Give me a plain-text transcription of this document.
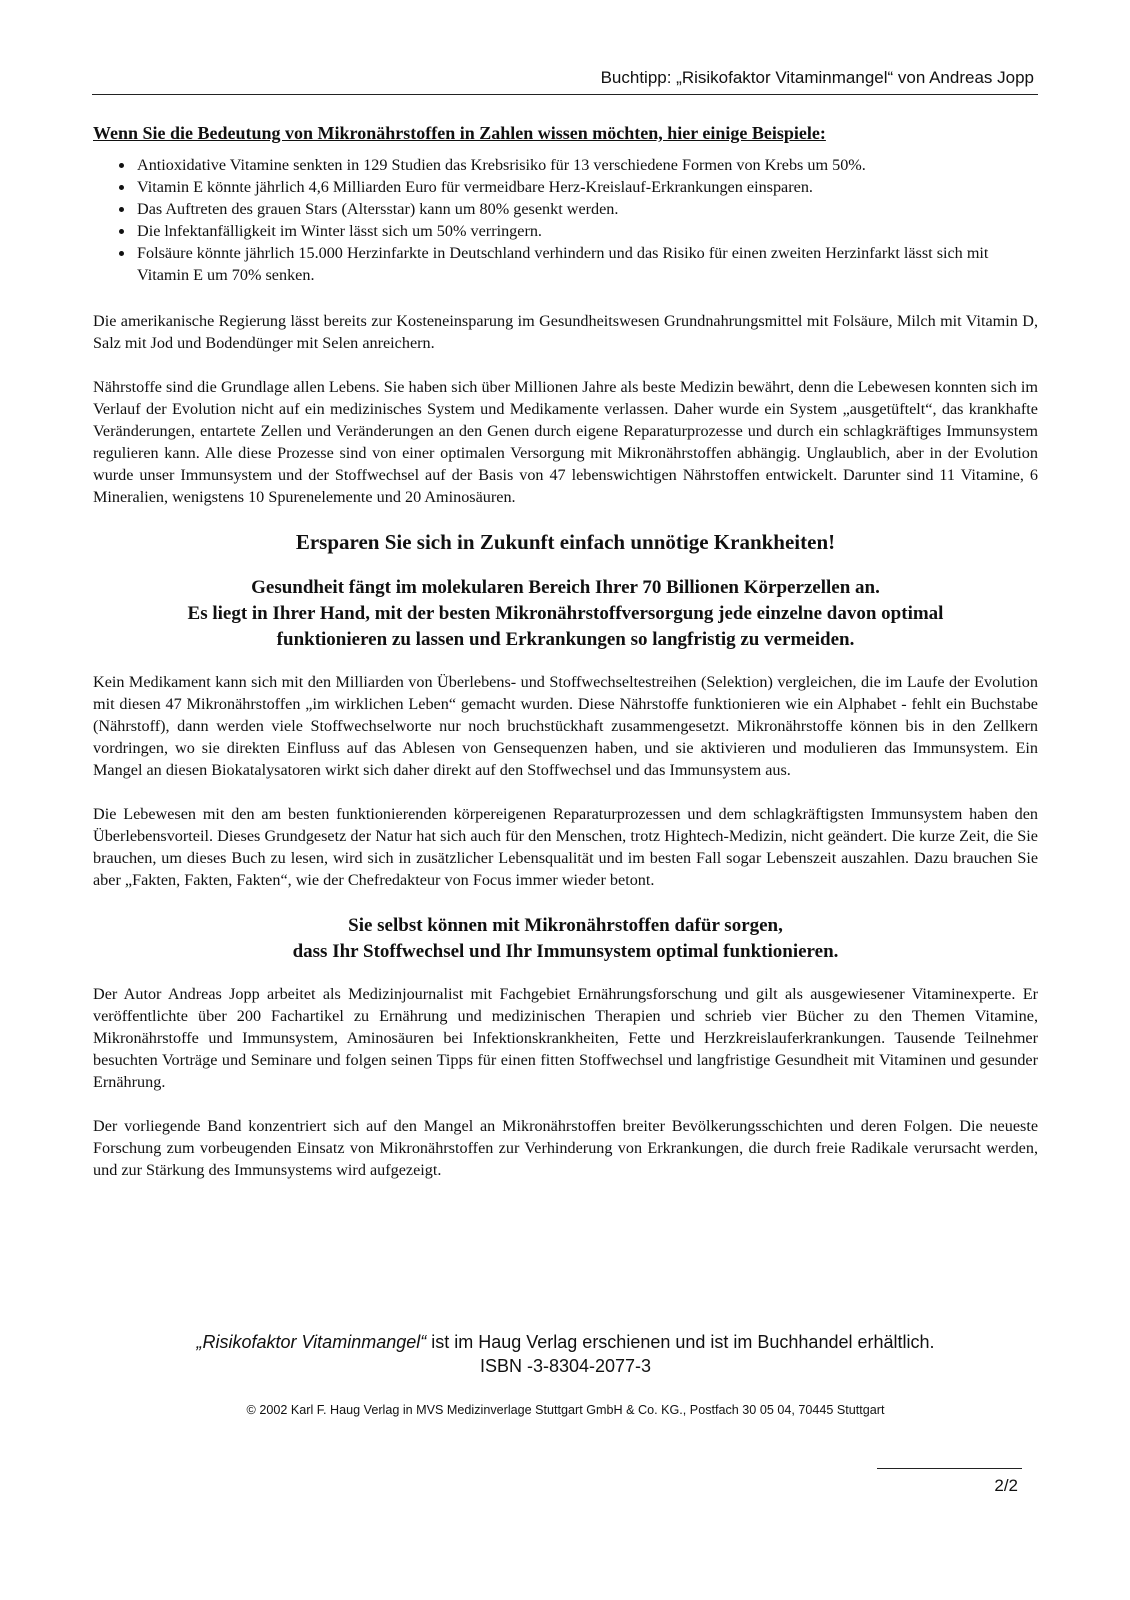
Buchtipp: „Risikofaktor Vitaminmangel“ von Andreas Jopp
Wenn Sie die Bedeutung von Mikronährstoffen in Zahlen wissen möchten, hier einige Beispiele:
• Antioxidative Vitamine senkten in 129 Studien das Krebsrisiko für 13 verschiedene Formen von Krebs um 50%.
• Vitamin E könnte jährlich 4,6 Milliarden Euro für vermeidbare Herz-Kreislauf-Erkrankungen einsparen.
• Das Auftreten des grauen Stars (Altersstar) kann um 80% gesenkt werden.
• Die lnfektanfälligkeit im Winter lässt sich um 50% verringern.
• Folsäure könnte jährlich 15.000 Herzinfarkte in Deutschland verhindern und das Risiko für einen zweiten Herzinfarkt lässt sich mit Vitamin E um 70% senken.

Die amerikanische Regierung lässt bereits zur Kosteneinsparung im Gesundheitswesen Grundnahrungsmittel mit Folsäure, Milch mit Vitamin D, Salz mit Jod und Bodendünger mit Selen anreichern.

Nährstoffe sind die Grundlage allen Lebens. Sie haben sich über Millionen Jahre als beste Medizin bewährt, denn die Lebewesen konnten sich im Verlauf der Evolution nicht auf ein medizinisches System und Medikamente verlassen. Daher wurde ein System „ausgetüftelt“, das krankhafte Veränderungen, entartete Zellen und Veränderungen an den Genen durch eigene Reparaturprozesse und durch ein schlagkräftiges Immunsystem regulieren kann. Alle diese Prozesse sind von einer optimalen Versorgung mit Mikronährstoffen abhängig. Unglaublich, aber in der Evolution wurde unser Immunsystem und der Stoffwechsel auf der Basis von 47 lebenswichtigen Nährstoffen entwickelt. Darunter sind 11 Vitamine, 6 Mineralien, wenigstens 10 Spurenelemente und 20 Aminosäuren.

Ersparen Sie sich in Zukunft einfach unnötige Krankheiten!
Gesundheit fängt im molekularen Bereich Ihrer 70 Billionen Körperzellen an.
Es liegt in Ihrer Hand, mit der besten Mikronährstoffversorgung jede einzelne davon optimal
funktionieren zu lassen und Erkrankungen so langfristig zu vermeiden.

Kein Medikament kann sich mit den Milliarden von Überlebens- und Stoffwechseltestreihen (Selektion) vergleichen, die im Laufe der Evolution mit diesen 47 Mikronährstoffen „im wirklichen Leben“ gemacht wurden. Diese Nährstoffe funktionieren wie ein Alphabet - fehlt ein Buchstabe (Nährstoff), dann werden viele Stoffwechselworte nur noch bruchstückhaft zusammengesetzt. Mikronährstoffe können bis in den Zellkern vordringen, wo sie direkten Einfluss auf das Ablesen von Gensequenzen haben, und sie aktivieren und modulieren das Immunsystem. Ein Mangel an diesen Biokatalysatoren wirkt sich daher direkt auf den Stoffwechsel und das Immunsystem aus.

Die Lebewesen mit den am besten funktionierenden körpereigenen Reparaturprozessen und dem schlagkräftigsten Immunsystem haben den Überlebensvorteil. Dieses Grundgesetz der Natur hat sich auch für den Menschen, trotz Hightech-Medizin, nicht geändert. Die kurze Zeit, die Sie brauchen, um dieses Buch zu lesen, wird sich in zusätzlicher Lebensqualität und im besten Fall sogar Lebenszeit auszahlen. Dazu brauchen Sie aber „Fakten, Fakten, Fakten“, wie der Chefredakteur von Focus immer wieder betont.

Sie selbst können mit Mikronährstoffen dafür sorgen,
dass Ihr Stoffwechsel und Ihr Immunsystem optimal funktionieren.

Der Autor Andreas Jopp arbeitet als Medizinjournalist mit Fachgebiet Ernährungsforschung und gilt als ausgewiesener Vitaminexperte. Er veröffentlichte über 200 Fachartikel zu Ernährung und medizinischen Therapien und schrieb vier Bücher zu den Themen Vitamine, Mikronährstoffe und Immunsystem, Aminosäuren bei Infektionskrankheiten, Fette und Herzkreislauferkrankungen. Tausende Teilnehmer besuchten Vorträge und Seminare und folgen seinen Tipps für einen fitten Stoffwechsel und langfristige Gesundheit mit Vitaminen und gesunder Ernährung.

Der vorliegende Band konzentriert sich auf den Mangel an Mikronährstoffen breiter Bevölkerungsschichten und deren Folgen. Die neueste Forschung zum vorbeugenden Einsatz von Mikronährstoffen zur Verhinderung von Erkrankungen, die durch freie Radikale verursacht werden, und zur Stärkung des Immunsystems wird aufgezeigt.

„Risikofaktor Vitaminmangel“ ist im Haug Verlag erschienen und ist im Buchhandel erhältlich.
ISBN -3-8304-2077-3
© 2002 Karl F. Haug Verlag in MVS Medizinverlage Stuttgart GmbH & Co. KG., Postfach 30 05 04, 70445 Stuttgart
2/2
